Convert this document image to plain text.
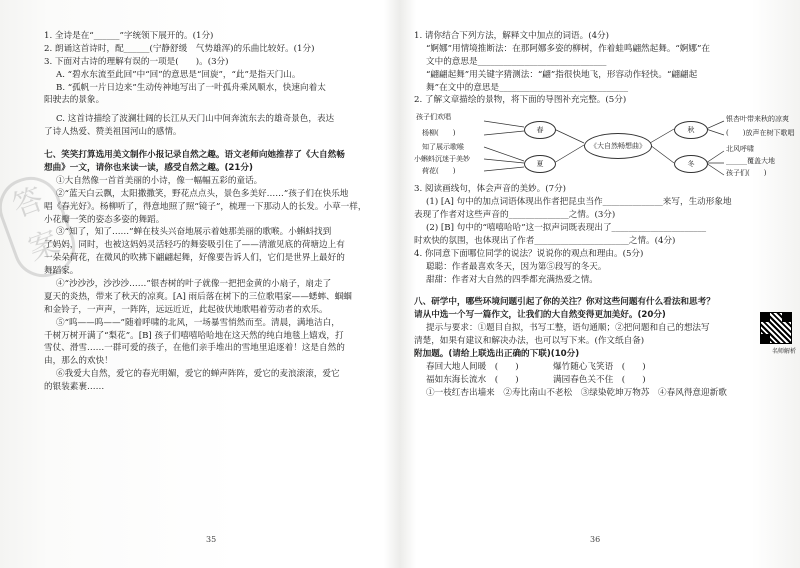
答案

1. 全诗是在“______”字统领下展开的。(1分)

2. 朗诵这首诗时，配______(宁静舒缓　气势雄浑)的乐曲比较好。(1分)

3. 下面对古诗的理解有误的一项是(　　)。(3分)

A. “碧水东流至此回”中“回”的意思是“回旋”，“此”是指天门山。

B. “孤帆一片日边来”生动传神地写出了一叶孤舟乘风顺水，快速向着太

阳驶去的景象。

C. 这首诗描绘了波澜壮阔的长江从天门山中间奔流东去的雄奇景色，表达

了诗人热爱、赞美祖国河山的感情。

七、笑笑打算选用美文制作小报记录自然之趣。语文老师向她推荐了《大自然畅

想曲》一文，请你也来读一读，感受自然之趣。(21分)

①大自然像一首首美丽的小诗，像一幅幅五彩的童话。

②“蓝天白云飘，太阳撒撒笑，野花点点头，景色多美好……”孩子们在快乐地

唱《春光好》。杨柳听了，得意地照了照“镜子”，梳理一下那动人的长发。小草一样，

小花瓣一笑的姿态多姿的舞蹈。

③“知了，知了……”蝉在枝头兴奋地展示着她那美丽的歌喉。小蝌蚪找到

了妈妈，同时，也被这妈妈灵活轻巧的舞姿吸引住了——清澈见底的荷塘边上有

一朵朵荷花，在微风的吹拂下翩翩起舞，好像要告诉人们，它们是世界上最好的

舞蹈家。

④“沙沙沙，沙沙沙……”银杏树的叶子就像一把把金黄的小扇子，扇走了

夏天的炎热，带来了秋天的凉爽。[A] 雨后落在树下的三位歌唱家——蟋蟀、蝈蝈

和金铃子，一声声，一阵阵，远远近近，此起彼伏地歌唱着劳动者的欢乐。

⑤“呜——呜——”随着呼啸的北风，一场暴雪悄然而至。清晨，满地洁白，

千树万树开满了“梨花”。[B] 孩子们嘻嘻哈哈地在这天然的纯白地毯上嬉戏，打

雪仗、滑雪……一群可爱的孩子，在他们亲手堆出的雪地里追逐着！这是自然的

由，那么的欢快！

⑥我爱大自然，爱它的春光明媚，爱它的蝉声阵阵，爱它的麦浪滚滚，爱它

的银装素裹……

35

1. 请你结合下列方法，解释文中加点的词语。(4分)

“婀娜”用情境推断法：在那阿娜多姿的柳树，作着蛙鸣翩然起舞。“婀娜”在

文中的意思是______________________________

“翩翩起舞”用关键字猜测法：“翩”指很快地飞，形容动作轻快。“翩翩起

舞”在文中的意思是______________________________

2. 了解文章描绘的景物，将下面的导图补充完整。(5分)

孩子们欢唱
杨柳(　　)
知了展示歌喉
小蝌蚪沉迷于美妙
荷花(　　)
春
夏
《大自然畅想曲》
秋
冬
银杏叶带来秋的凉爽
(　　)放声在树下歌唱
北风呼啸
______覆盖大地
孩子们(　　)

3. 阅读画线句，体会声音的美妙。(7分)

(1) [A] 句中的加点词语体现出作者把昆虫当作______________来写，生动形象地

表现了作者对这些声音的______________之情。(3分)

(2) [B] 句中的“嘻嘻哈哈”这一拟声词既表现出了______________________

时欢快的氛围，也体现出了作者______________________之情。(4分)

4. 你同意下面哪位同学的说法？说说你的观点和理由。(5分)

聪聪：作者最喜欢冬天，因为第⑤段写的冬天。

甜甜：作者对大自然的四季都充满热爱之情。

八、研学中，哪些环境问题引起了你的关注？你对这些问题有什么看法和思考？

请从中选一个写一篇作文，让我们的大自然变得更加美好。(20分)

提示与要求：①题目自拟，书写工整，语句通顺；②把问题和自己的想法写

清楚，如果有建议和解决办法，也可以写下来。(作文纸自备)

附加题。(请给上联选出正确的下联)(10分)

春回大地人间暖　(　　)　　　　爆竹随心飞笑语　(　　)

福如东海长流水　(　　)　　　　满园春色关不住　(　　)

①一枝红杏出墙来　②寿比南山不老松　③绿染乾坤万物苏　④春风得意迎新歌

名师解析
36
